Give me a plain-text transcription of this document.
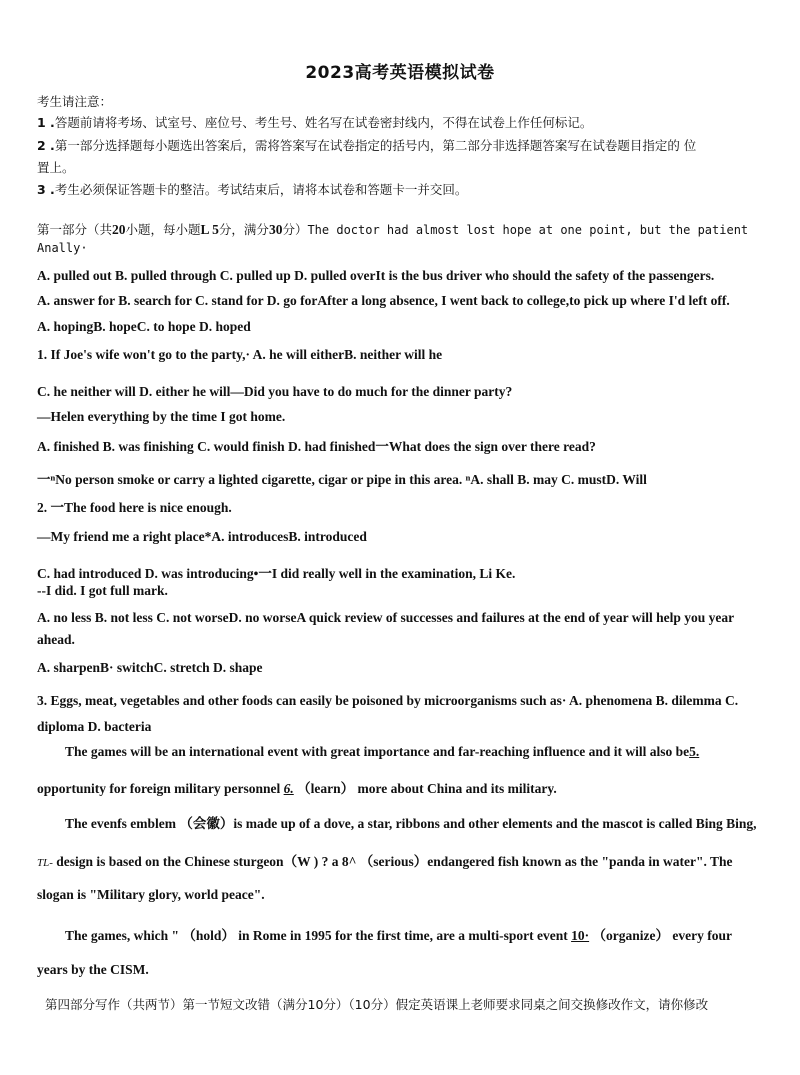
2023高考英语模拟试卷
考生请注意：
1 .答题前请将考场、试室号、座位号、考生号、姓名写在试卷密封线内，不得在试卷上作任何标记。
2 .第一部分选择题每小题选出答案后，需将答案写在试卷指定的括号内，第二部分非选择题答案写在试卷题目指定的 位
置上。
3 .考生必须保证答题卡的整洁。考试结束后，请将本试卷和答题卡一并交回。
第一部分（共20小题，每小题L 5分，满分30分）The doctor had almost lost hope at one point, but the patient
Anally·
A. pulled out B. pulled through C. pulled up D. pulled overIt is the bus driver who should the safety of the passengers.
A. answer for B. search for C. stand for D. go forAfter a long absence, I went back to college,to pick up where I'd left off.
A. hopingB. hopeC. to hope D. hoped
1. If Joe's wife won't go to the party,· A. he will eitherB. neither will he
C. he neither will D. either he will—Did you have to do much for the dinner party?
—Helen everything by the time I got home.
A. finished B. was finishing C. would finish D. had finished一What does the sign over there read?
一ⁿNo person smoke or carry a lighted cigarette, cigar or pipe in this area. ⁿA. shall B. may C. mustD. Will
2. 一The food here is nice enough.
—My friend me a right place*A. introducesB. introduced
C. had introduced D. was introducing•一I did really well in the examination, Li Ke.
--I did. I got full mark.
A. no less B. not less C. not worseD. no worseA quick review of successes and failures at the end of year will help you year
ahead.
A. sharpenB· switchC. stretch D. shape
3. Eggs, meat, vegetables and other foods can easily be poisoned by microorganisms such as· A. phenomena B. dilemma C.
diploma D. bacteria
The games will be an international event with great importance and far-reaching influence and it will also be5.
opportunity for foreign military personnel 6. （learn） more about China and its military.
The evenfs emblem （会徽）is made up of a dove, a star, ribbons and other elements and the mascot is called Bing Bing,
TL- design is based on the Chinese sturgeon（W ) ? a 8^ （serious）endangered fish known as the "panda in water". The
slogan is "Military glory, world peace".
The games, which " （hold） in Rome in 1995 for the first time, are a multi-sport event 10· （organize） every four
years by the CISM.
第四部分写作（共两节）第一节短文改错（满分10分）（10分）假定英语课上老师要求同桌之间交换修改作文，请你修改
